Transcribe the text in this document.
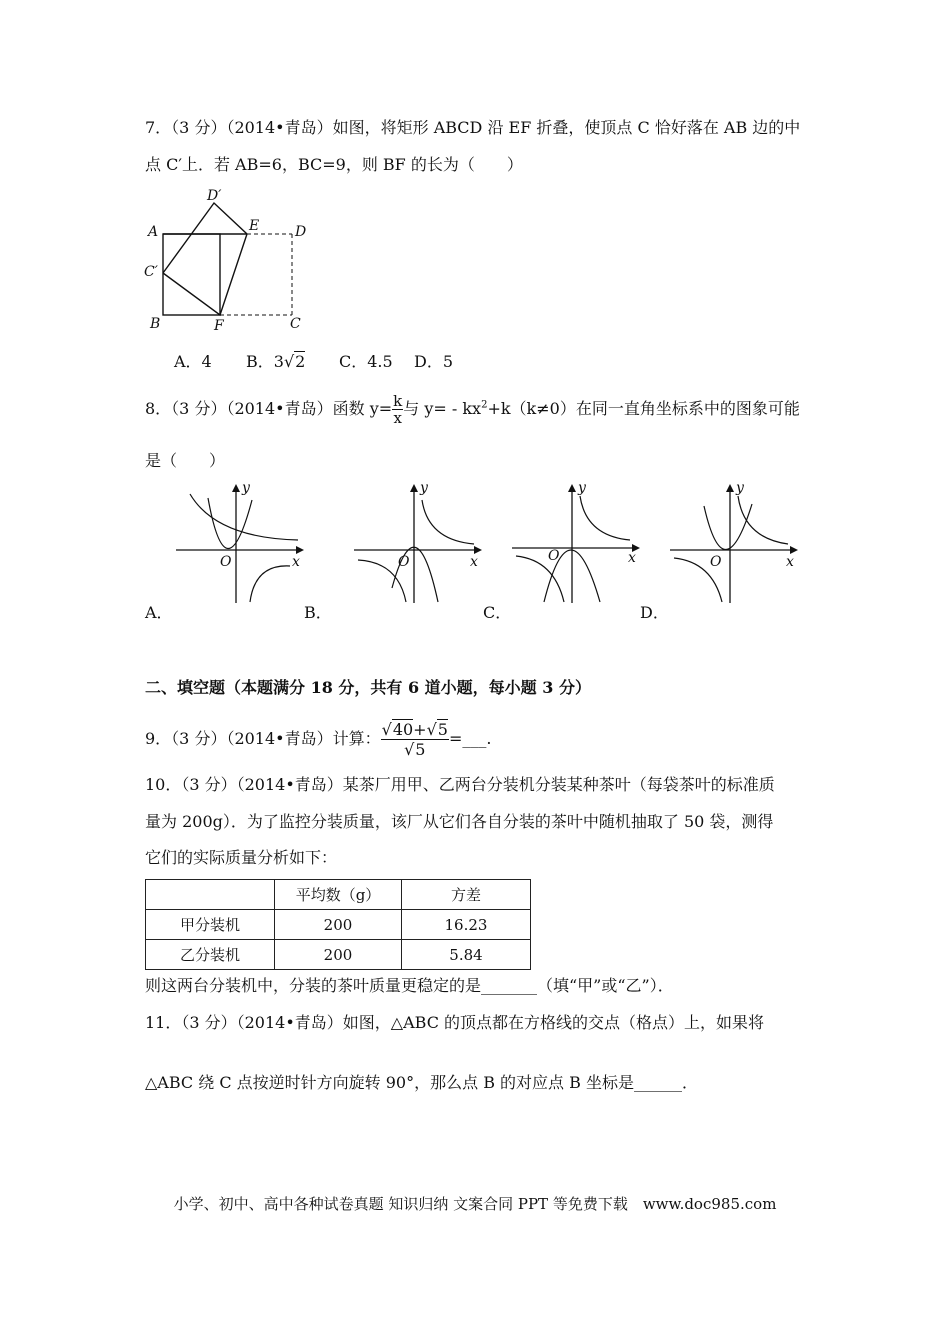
7．（3 分）（2014•青岛）如图，将矩形 ABCD 沿 EF 折叠，使顶点 C 恰好落在 AB 边的中
点 C′上．若 AB=6，BC=9，则 BF 的长为（　　）
A
D′
E	D
C′
B	F	C
A．4 B．3√2 C．4.5 D．5
8．（3 分）（2014•青岛）函数 $y= \frac{k}{x}$ 与 $y= - kx^2+k(k\ne 0)$在同一直角坐标系中的图象可能
是（　　）
y
x
O
y
x
O
y
x
O
y
x
O
A．	B．	C．	D．
二、填空题（本题满分 18 分，共有 6 道小题，每小题 3 分）
9．（3 分）（2014•青岛）计算： $\frac{√40+√5}{√5}$ =___.
10．（3 分）（2014•青岛）某茶厂用甲、乙两台分装机分装某种茶叶（每袋茶叶的标准质
量为 200g）．为了监控分装质量，该厂从它们各自分装的茶叶中随机抽取了 50 袋，测得
它们的实际质量分析如下：
	平均数（g）	方差
甲分装机	200	16.23
乙分装机	200	5.84
则这两台分装机中，分装的茶叶质量更稳定的是_______（填“甲”或“乙”）．
11．（3 分）（2014•青岛）如图，△ABC 的顶点都在方格线的交点（格点）上，如果将
△ABC 绕 C 点按逆时针方向旋转 90°，那么点 B 的对应点 B 坐标是______．
小学、初中、高中各种试卷真题 知识归纳 文案合同 PPT 等免费下载　www.doc985.com
